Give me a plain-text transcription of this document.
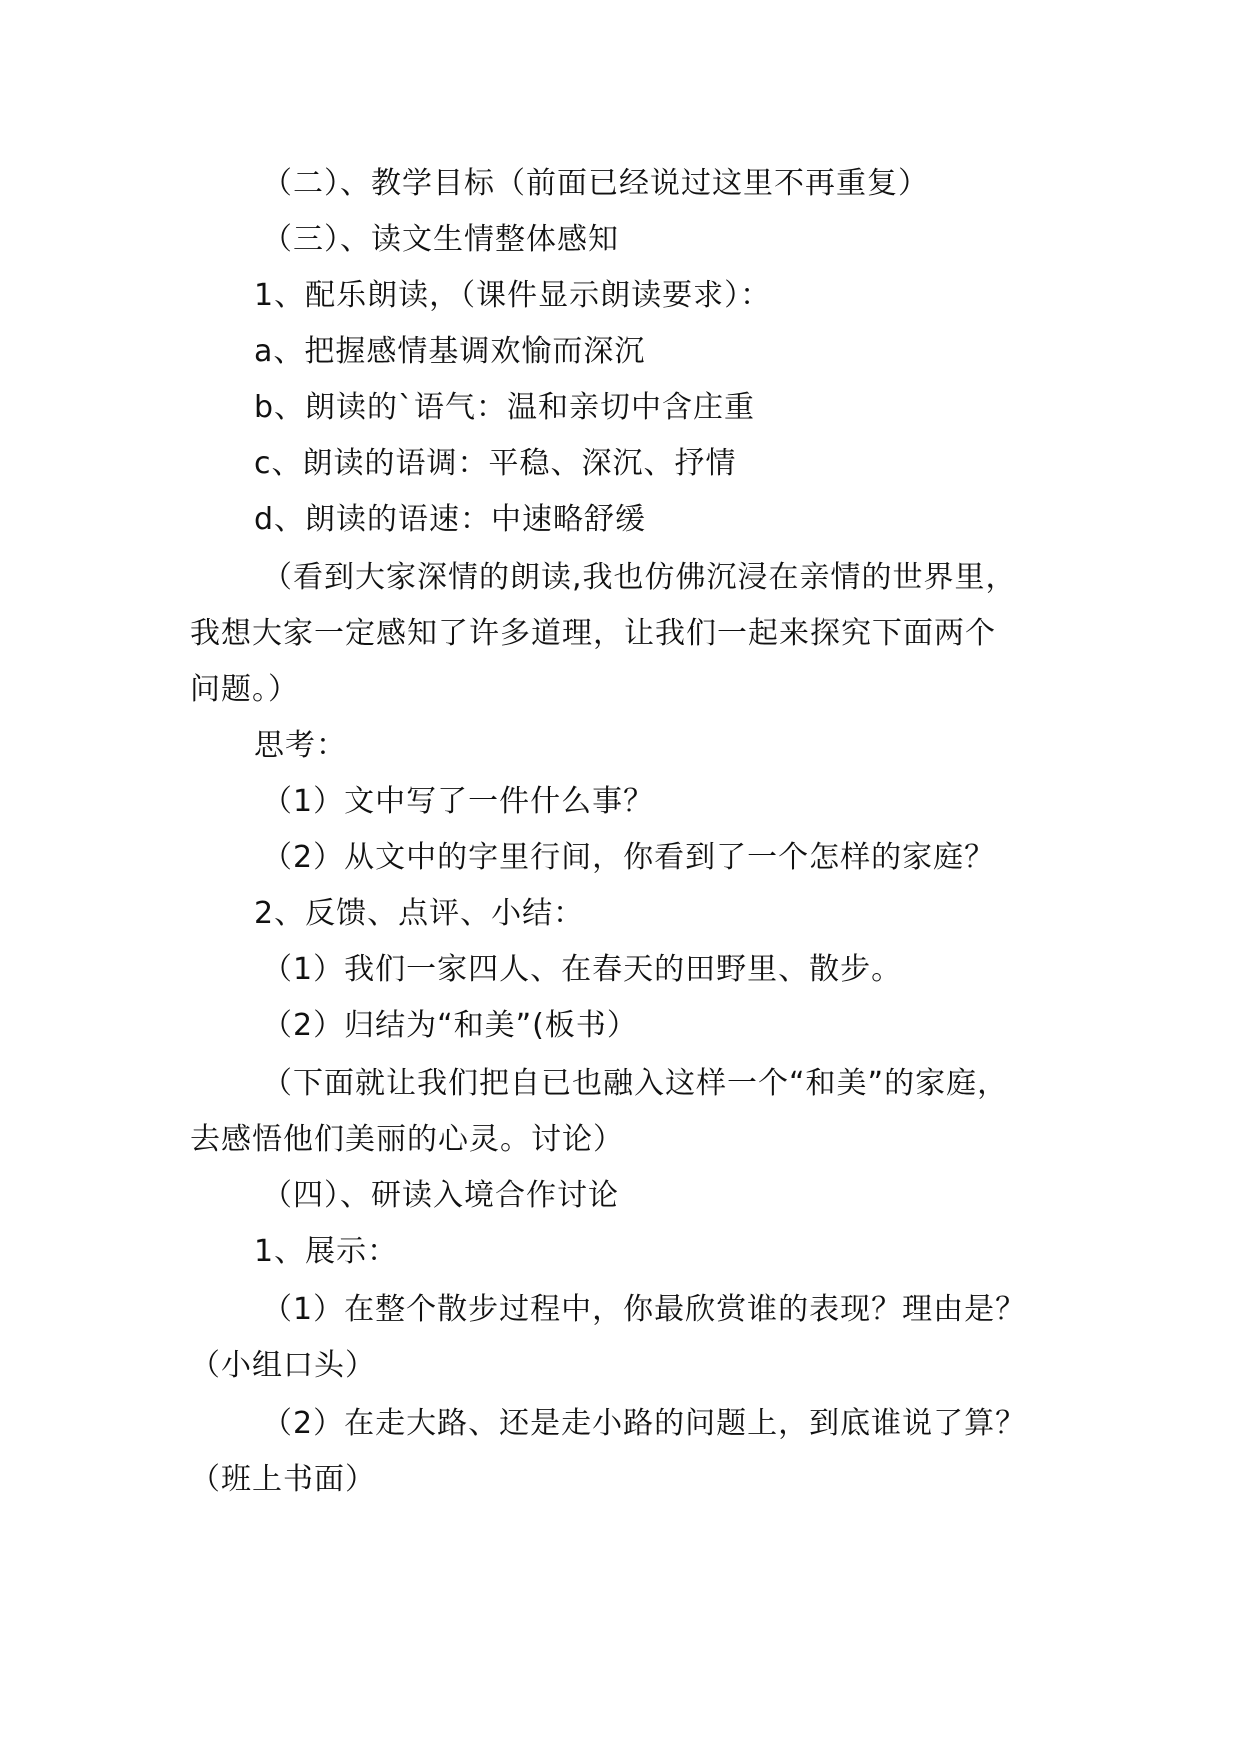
（二）、教学目标（前面已经说过这里不再重复）
（三）、读文生情整体感知
1、配乐朗读，（课件显示朗读要求）：
a、把握感情基调欢愉而深沉
b、朗读的`语气：温和亲切中含庄重
c、朗读的语调：平稳、深沉、抒情
d、朗读的语速：中速略舒缓
（看到大家深情的朗读,我也仿佛沉浸在亲情的世界里，
我想大家一定感知了许多道理，让我们一起来探究下面两个
问题。）
思考：
（1）文中写了一件什么事？
（2）从文中的字里行间，你看到了一个怎样的家庭？
2、反馈、点评、小结：
（1）我们一家四人、在春天的田野里、散步。
（2）归结为“和美”(板书）
（下面就让我们把自已也融入这样一个“和美”的家庭，
去感悟他们美丽的心灵。讨论）
（四）、研读入境合作讨论
1、展示：
（1）在整个散步过程中，你最欣赏谁的表现？理由是？
（小组口头）
（2）在走大路、还是走小路的问题上，到底谁说了算？
（班上书面）
